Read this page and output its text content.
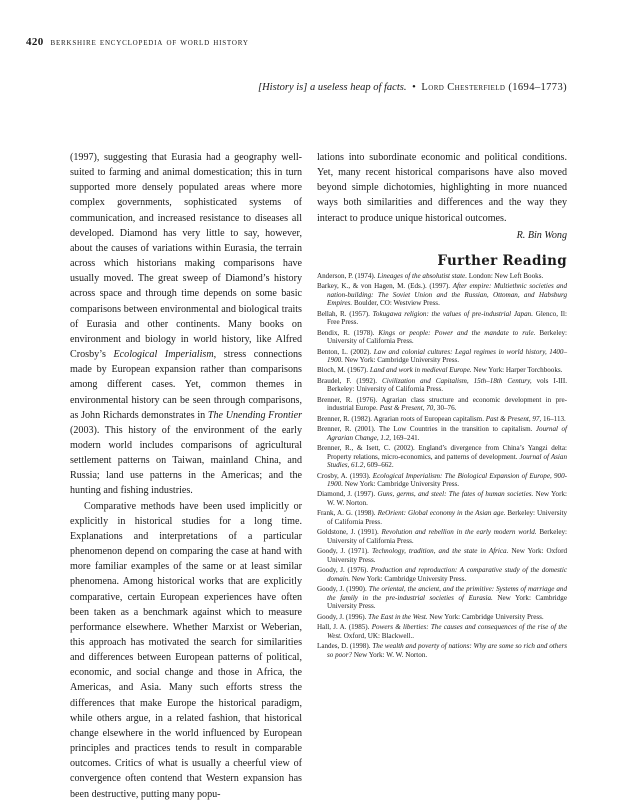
420 berkshire encyclopedia of world history
[History is] a useless heap of facts. • Lord Chesterfield (1694–1773)

(1997), suggesting that Eurasia had a geography well-suited to farming and animal domestication; this in turn supported more densely populated areas where more complex governments, sophisticated systems of communication, and increased resistance to diseases all developed. Diamond has very little to say, however, about the causes of variations within Eurasia, the terrain across which historians making comparisons have usually moved. The great sweep of Diamond’s history across space and through time depends on some basic comparisons between environmental and biological traits of Eurasia and other continents. Many books on environment and biology in world history, like Alfred Crosby’s Ecological Imperialism, stress connections made by European expansion rather than comparisons among different cases. Yet, common themes in environmental history can be seen through comparisons, as John Richards demonstrates in The Unending Frontier (2003). This history of the environment of the early modern world includes comparisons of agricultural settlement patterns on Taiwan, mainland China, and Russia; land use patterns in the Americas; and the hunting and fishing industries.

Comparative methods have been used implicitly or explicitly in historical studies for a long time. Explanations and interpretations of a particular phenomenon depend on comparing the case at hand with more familiar examples of the same or at least similar phenomena. Among historical works that are explicitly comparative, certain European experiences have often been taken as a benchmark against which to measure performance elsewhere. Whether Marxist or Weberian, this approach has motivated the search for similarities and differences between European patterns of political, economic, and social change and those in Africa, the Americas, and Asia. Many such efforts stress the differences that make Europe the historical paradigm, while others argue, in a related fashion, that historical change elsewhere in the world influenced by European principles and practices tends to result in comparable outcomes. Critics of what is usually a cheerful view of convergence often contend that Western expansion has been destructive, putting many popu-

lations into subordinate economic and political conditions. Yet, many recent historical comparisons have also moved beyond simple dichotomies, highlighting in more nuanced ways both similarities and differences and the way they interact to produce unique historical outcomes.

R. Bin Wong
Further Reading
Anderson, P. (1974). Lineages of the absolutist state. London: New Left Books.
Barkey, K., & von Hagen, M. (Eds.). (1997). After empire: Multiethnic societies and nation-building: The Soviet Union and the Russian, Ottoman, and Habsburg Empires. Boulder, CO: Westview Press.
Bellah, R. (1957). Tokugawa religion: the values of pre-industrial Japan. Glenco, Il: Free Press.
Bendix, R. (1978). Kings or people: Power and the mandate to rule. Berkeley: University of California Press.
Benton, L. (2002). Law and colonial cultures: Legal regimes in world history, 1400–1900. New York: Cambridge University Press.
Bloch, M. (1967). Land and work in medieval Europe. New York: Harper Torchbooks.
Braudel, F. (1992). Civilization and Capitalism, 15th–18th Century, vols I-III. Berkeley: University of California Press.
Brenner, R. (1976). Agrarian class structure and economic development in pre-industrial Europe. Past & Present, 70, 30–76.
Brenner, R. (1982). Agrarian roots of European capitalism. Past & Present, 97, 16–113.
Brenner, R. (2001). The Low Countries in the transition to capitalism. Journal of Agrarian Change, 1.2, 169–241.
Brenner, R., & Isett, C. (2002). England’s divergence from China’s Yangzi delta: Property relations, micro-economics, and patterns of development. Journal of Asian Studies, 61.2, 609–662.
Crosby, A. (1993). Ecological Imperialism: The Biological Expansion of Europe, 900-1900. New York: Cambridge University Press.
Diamond, J. (1997). Guns, germs, and steel: The fates of human societies. New York: W. W. Norton.
Frank, A. G. (1998). ReOrient: Global economy in the Asian age. Berkeley: University of California Press.
Goldstone, J. (1991). Revolution and rebellion in the early modern world. Berkeley: University of California Press.
Goody, J. (1971). Technology, tradition, and the state in Africa. New York: Oxford University Press.
Goody, J. (1976). Production and reproduction: A comparative study of the domestic domain. New York: Cambridge University Press.
Goody, J. (1990). The oriental, the ancient, and the primitive: Systems of marriage and the family in the pre-industrial societies of Eurasia. New York: Cambridge University Press.
Goody, J. (1996). The East in the West. New York: Cambridge University Press.
Hall, J. A. (1985). Powers & liberties: The causes and consequences of the rise of the West. Oxford, UK: Blackwell..
Landes, D. (1998). The wealth and poverty of nations: Why are some so rich and others so poor? New York: W. W. Norton.
